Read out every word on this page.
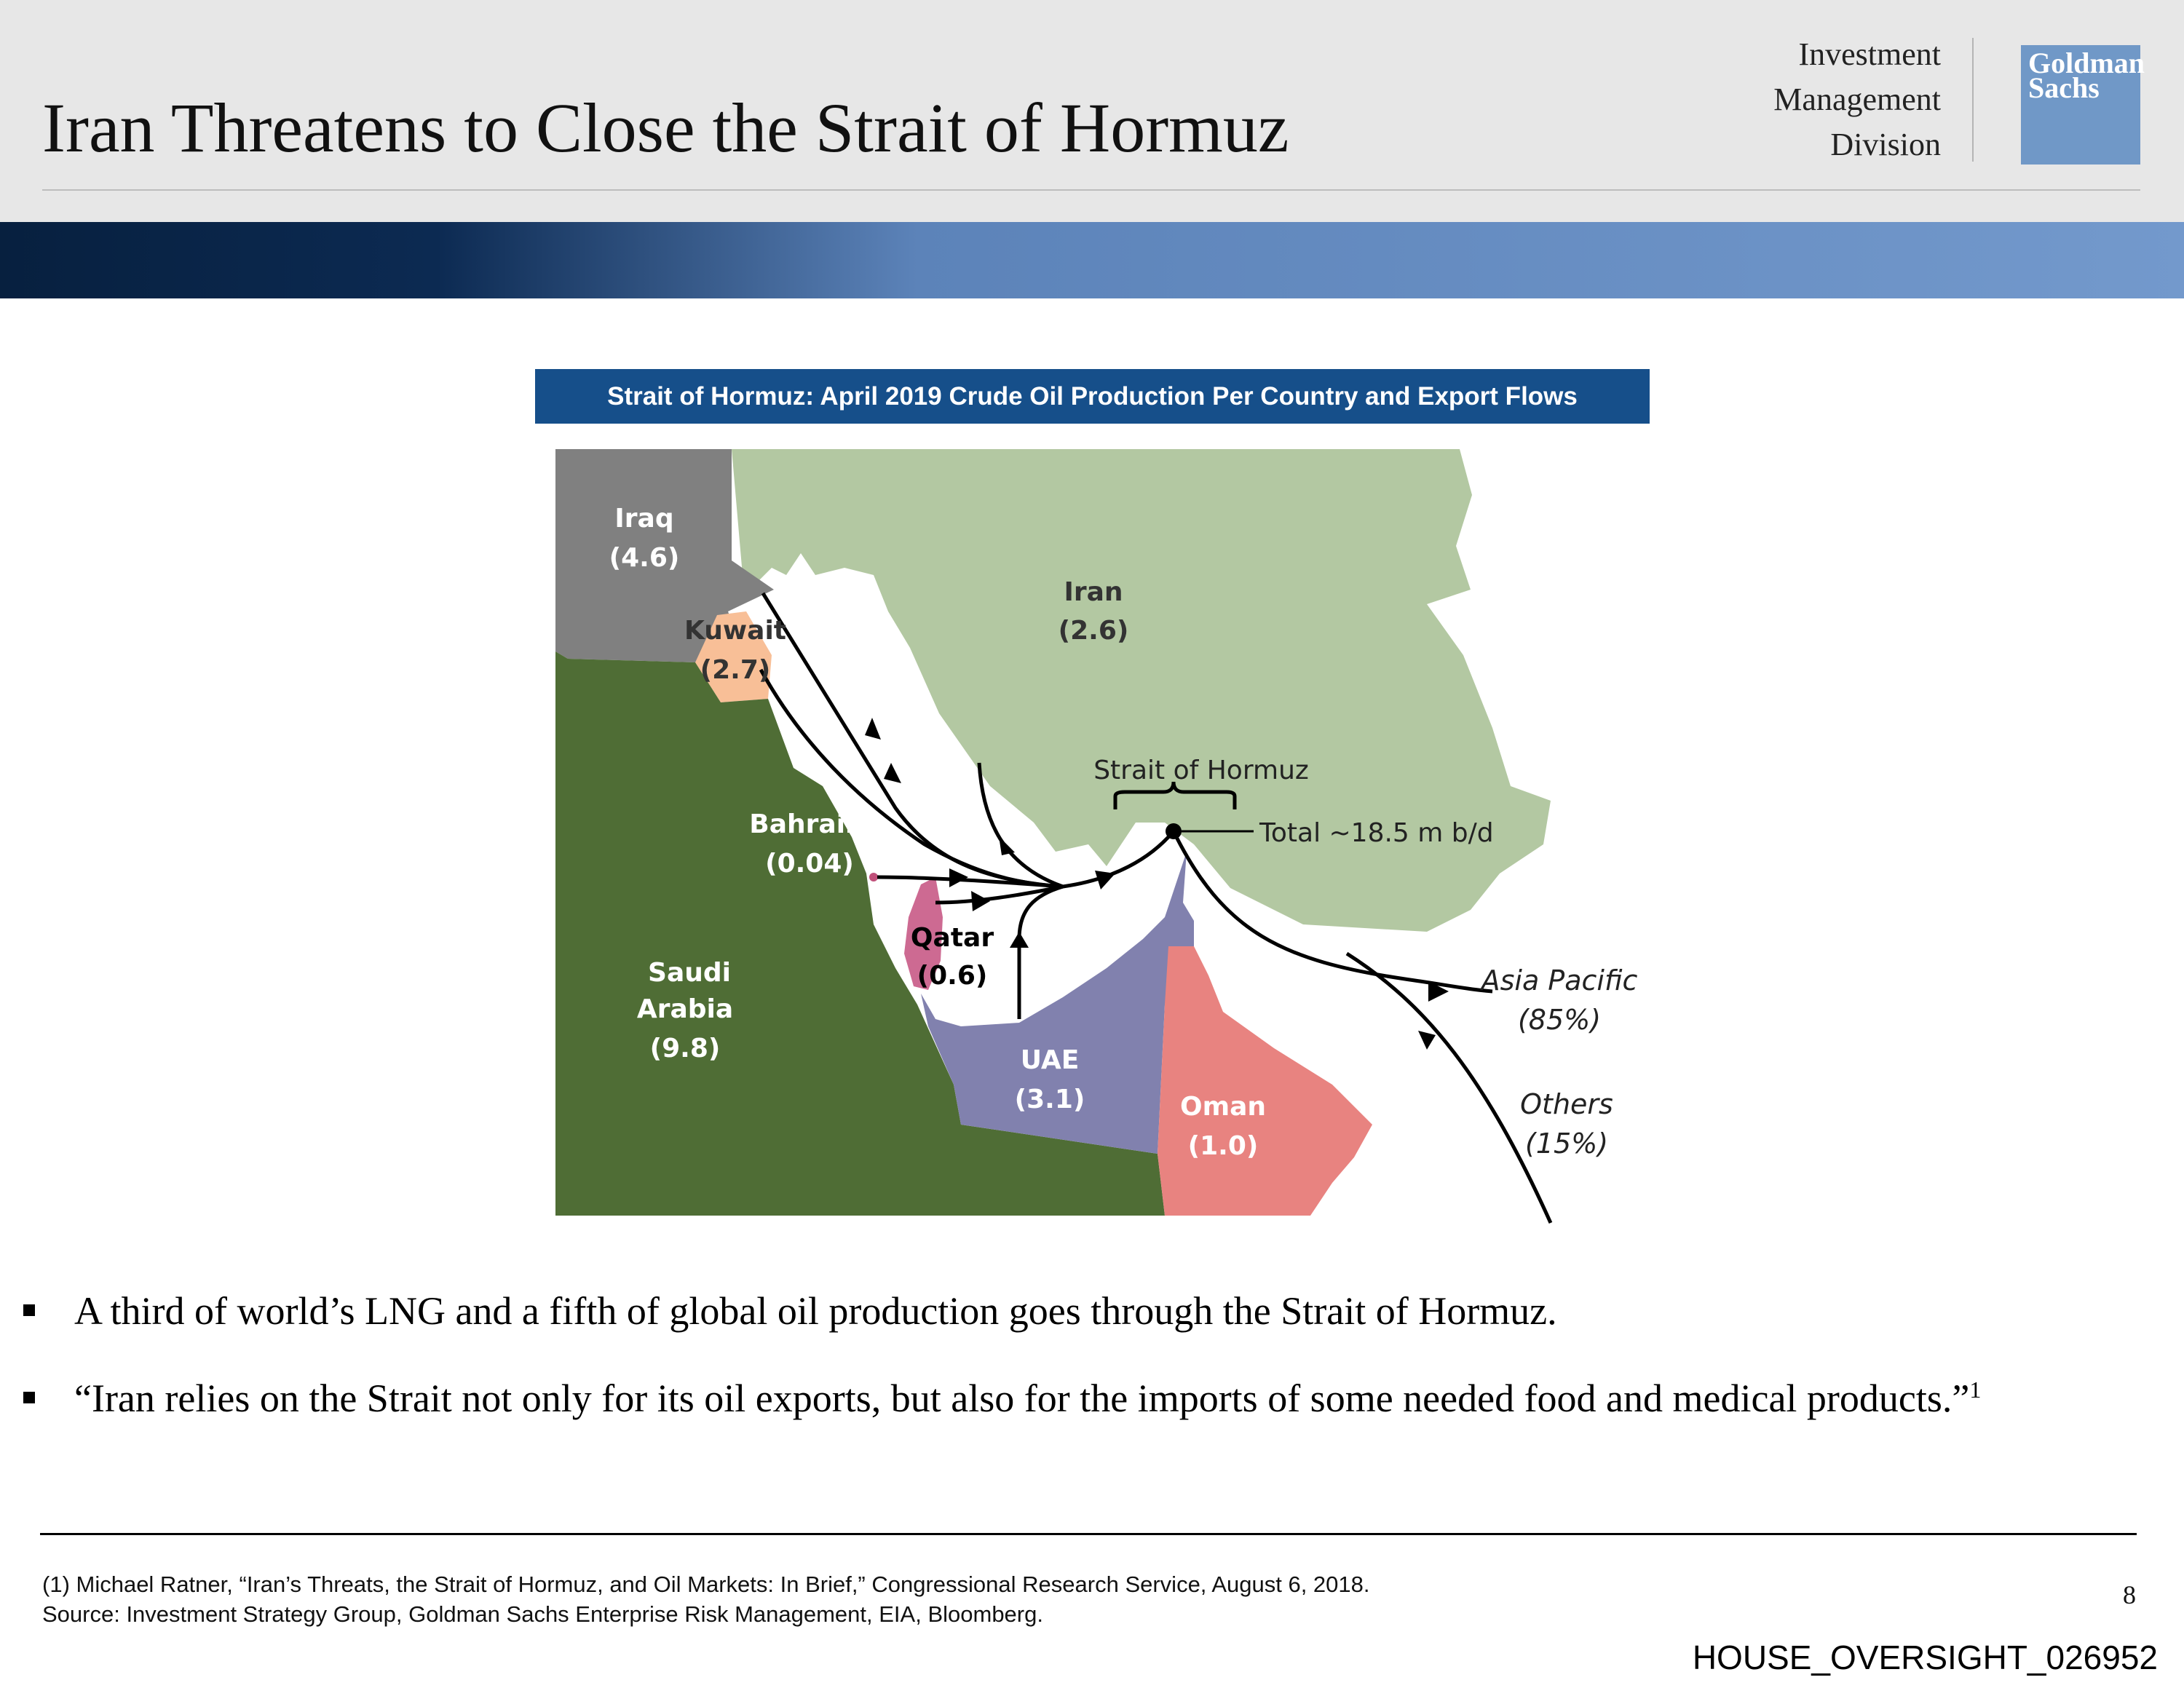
Iran Threatens to Close the Strait of Hormuz
Investment
Management
Division
Goldman
Sachs
Strait of Hormuz: April 2019 Crude Oil Production Per Country and Export Flows
Iraq
(4.6)
Kuwait
(2.7)
Iran
(2.6)
Bahrain
(0.04)
Qatar
(0.6)
Saudi
Arabia
(9.8)	UAE
(3.1)	Oman
(1.0)
Strait of Hormuz
Total ~18.5 m b/d
Asia Pacific
(85%)
Others
(15%)
A third of world’s LNG and a fifth of global oil production goes through the Strait of Hormuz.
“Iran relies on the Strait not only for its oil exports, but also for the imports of some needed food and medical products.”$^1$
(1) Michael Ratner, “Iran’s Threats, the Strait of Hormuz, and Oil Markets: In Brief,” Congressional Research Service, August 6, 2018.
Source: Investment Strategy Group, Goldman Sachs Enterprise Risk Management, EIA, Bloomberg.
8
HOUSE_OVERSIGHT_026952
